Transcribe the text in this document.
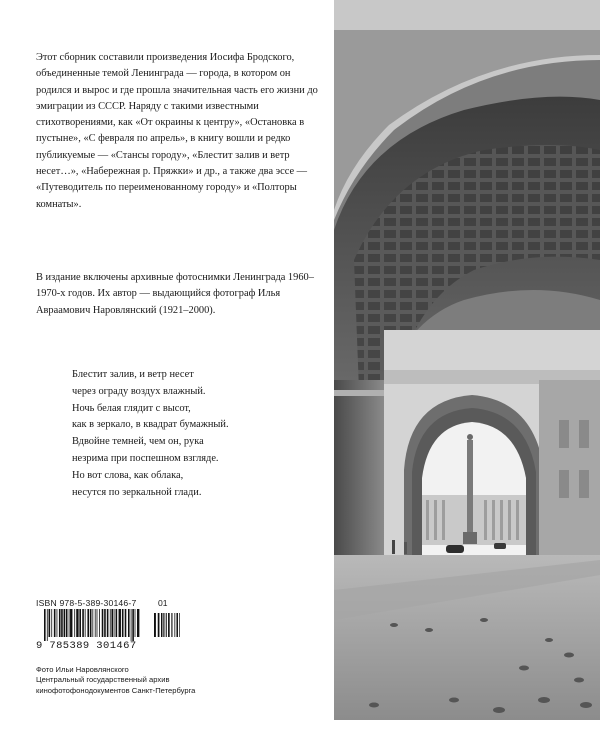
Этот сборник составили произведения Иосифа Бродского, объединенные темой Ленинграда — города, в котором он родился и вырос и где прошла значительная часть его жизни до эмиграции из СССР. Наряду с такими известными стихотворениями, как «От окраины к центру», «Остановка в пустыне», «С февраля по апрель», в книгу вошли и редко публикуемые — «Стансы городу», «Блестит залив и ветр несет…», «Набережная р. Пряжки» и др., а также два эссе — «Путеводитель по переименованному городу» и «Полторы комнаты».

В издание включены архивные фотоснимки Ленинграда 1960–1970-х годов. Их автор — выдающийся фотограф Илья Авраамович Наровлянский (1921–2000).

Блестит залив, и ветр несет
через ограду воздух влажный.
Ночь белая глядит с высот,
как в зеркало, в квадрат бумажный.
Вдвойне темней, чем он, рука
незрима при поспешном взгляде.
Но вот слова, как облака,
несутся по зеркальной глади.
ISBN 978-5-389-30146-7	01
9 785389 301467
Фото Ильи Наровлянского
Центральный государственный архив
кинофотофонодокументов Санкт-Петербурга
